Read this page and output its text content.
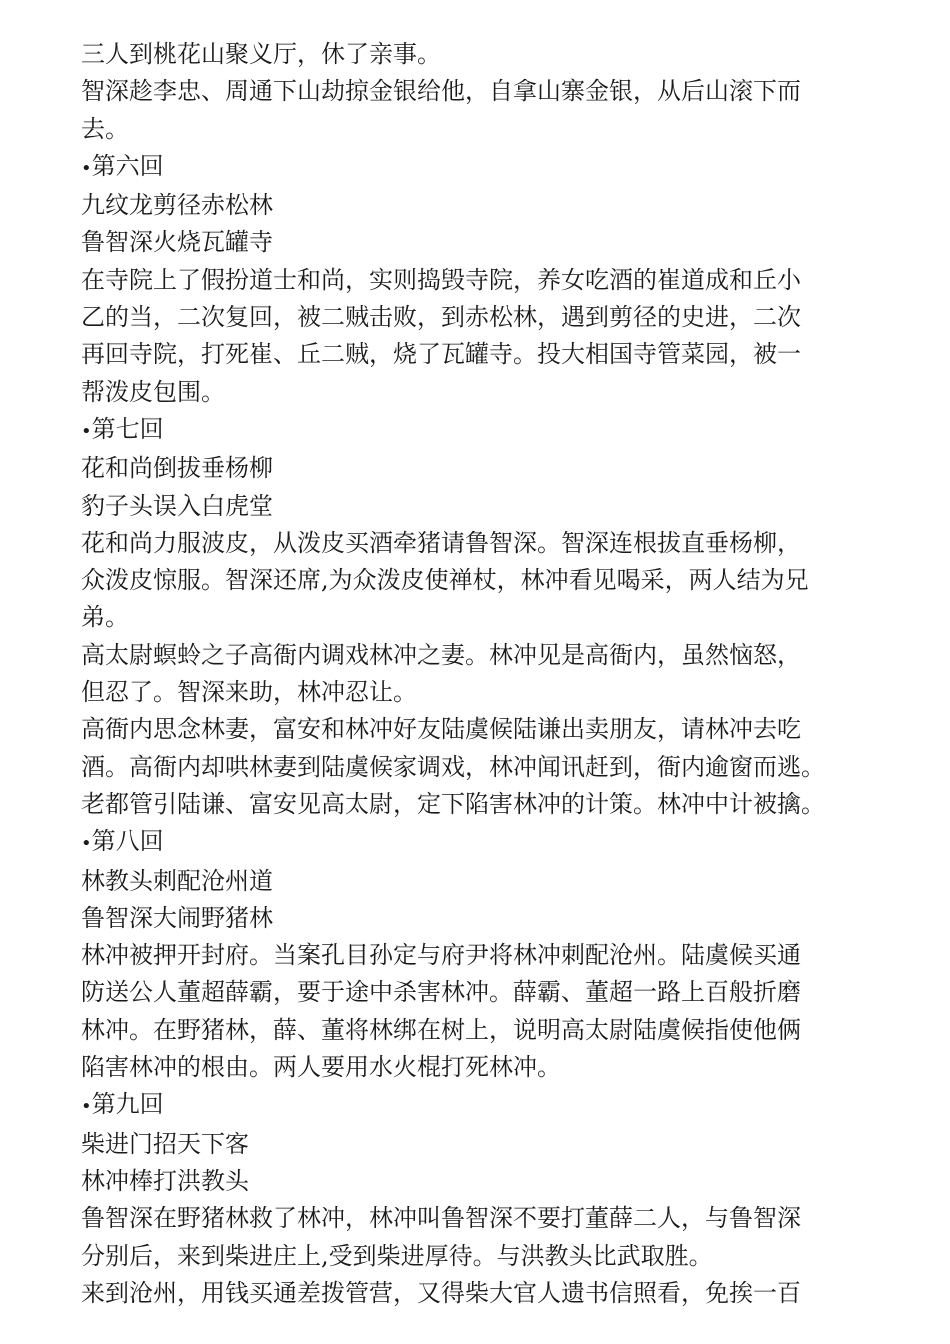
三人到桃花山聚义厅，休了亲事。

智深趁李忠、周通下山劫掠金银给他，自拿山寨金银，从后山滚下而

去。

•第六回

九纹龙剪径赤松林

鲁智深火烧瓦罐寺

在寺院上了假扮道士和尚，实则捣毁寺院，养女吃酒的崔道成和丘小

乙的当，二次复回，被二贼击败，到赤松林，遇到剪径的史进，二次

再回寺院，打死崔、丘二贼，烧了瓦罐寺。投大相国寺管菜园，被一

帮泼皮包围。

•第七回

花和尚倒拔垂杨柳

豹子头误入白虎堂

花和尚力服波皮，从泼皮买酒牵猪请鲁智深。智深连根拔直垂杨柳，

众泼皮惊服。智深还席,为众泼皮使禅杖，林冲看见喝采，两人结为兄

弟。

高太尉螟蛉之子高衙内调戏林冲之妻。林冲见是高衙内，虽然恼怒，

但忍了。智深来助，林冲忍让。

高衙内思念林妻，富安和林冲好友陆虞候陆谦出卖朋友，请林冲去吃

酒。高衙内却哄林妻到陆虞候家调戏，林冲闻讯赶到，衙内逾窗而逃。

老都管引陆谦、富安见高太尉，定下陷害林冲的计策。林冲中计被擒。

•第八回

林教头刺配沧州道

鲁智深大闹野猪林

林冲被押开封府。当案孔目孙定与府尹将林冲刺配沧州。陆虞候买通

防送公人董超薛霸，要于途中杀害林冲。薛霸、董超一路上百般折磨

林冲。在野猪林，薛、董将林绑在树上，说明高太尉陆虞候指使他俩

陷害林冲的根由。两人要用水火棍打死林冲。

•第九回

柴进门招天下客

林冲棒打洪教头

鲁智深在野猪林救了林冲，林冲叫鲁智深不要打董薛二人，与鲁智深

分别后，来到柴进庄上,受到柴进厚待。与洪教头比武取胜。

来到沧州，用钱买通差拨管营，又得柴大官人遗书信照看，免挨一百
